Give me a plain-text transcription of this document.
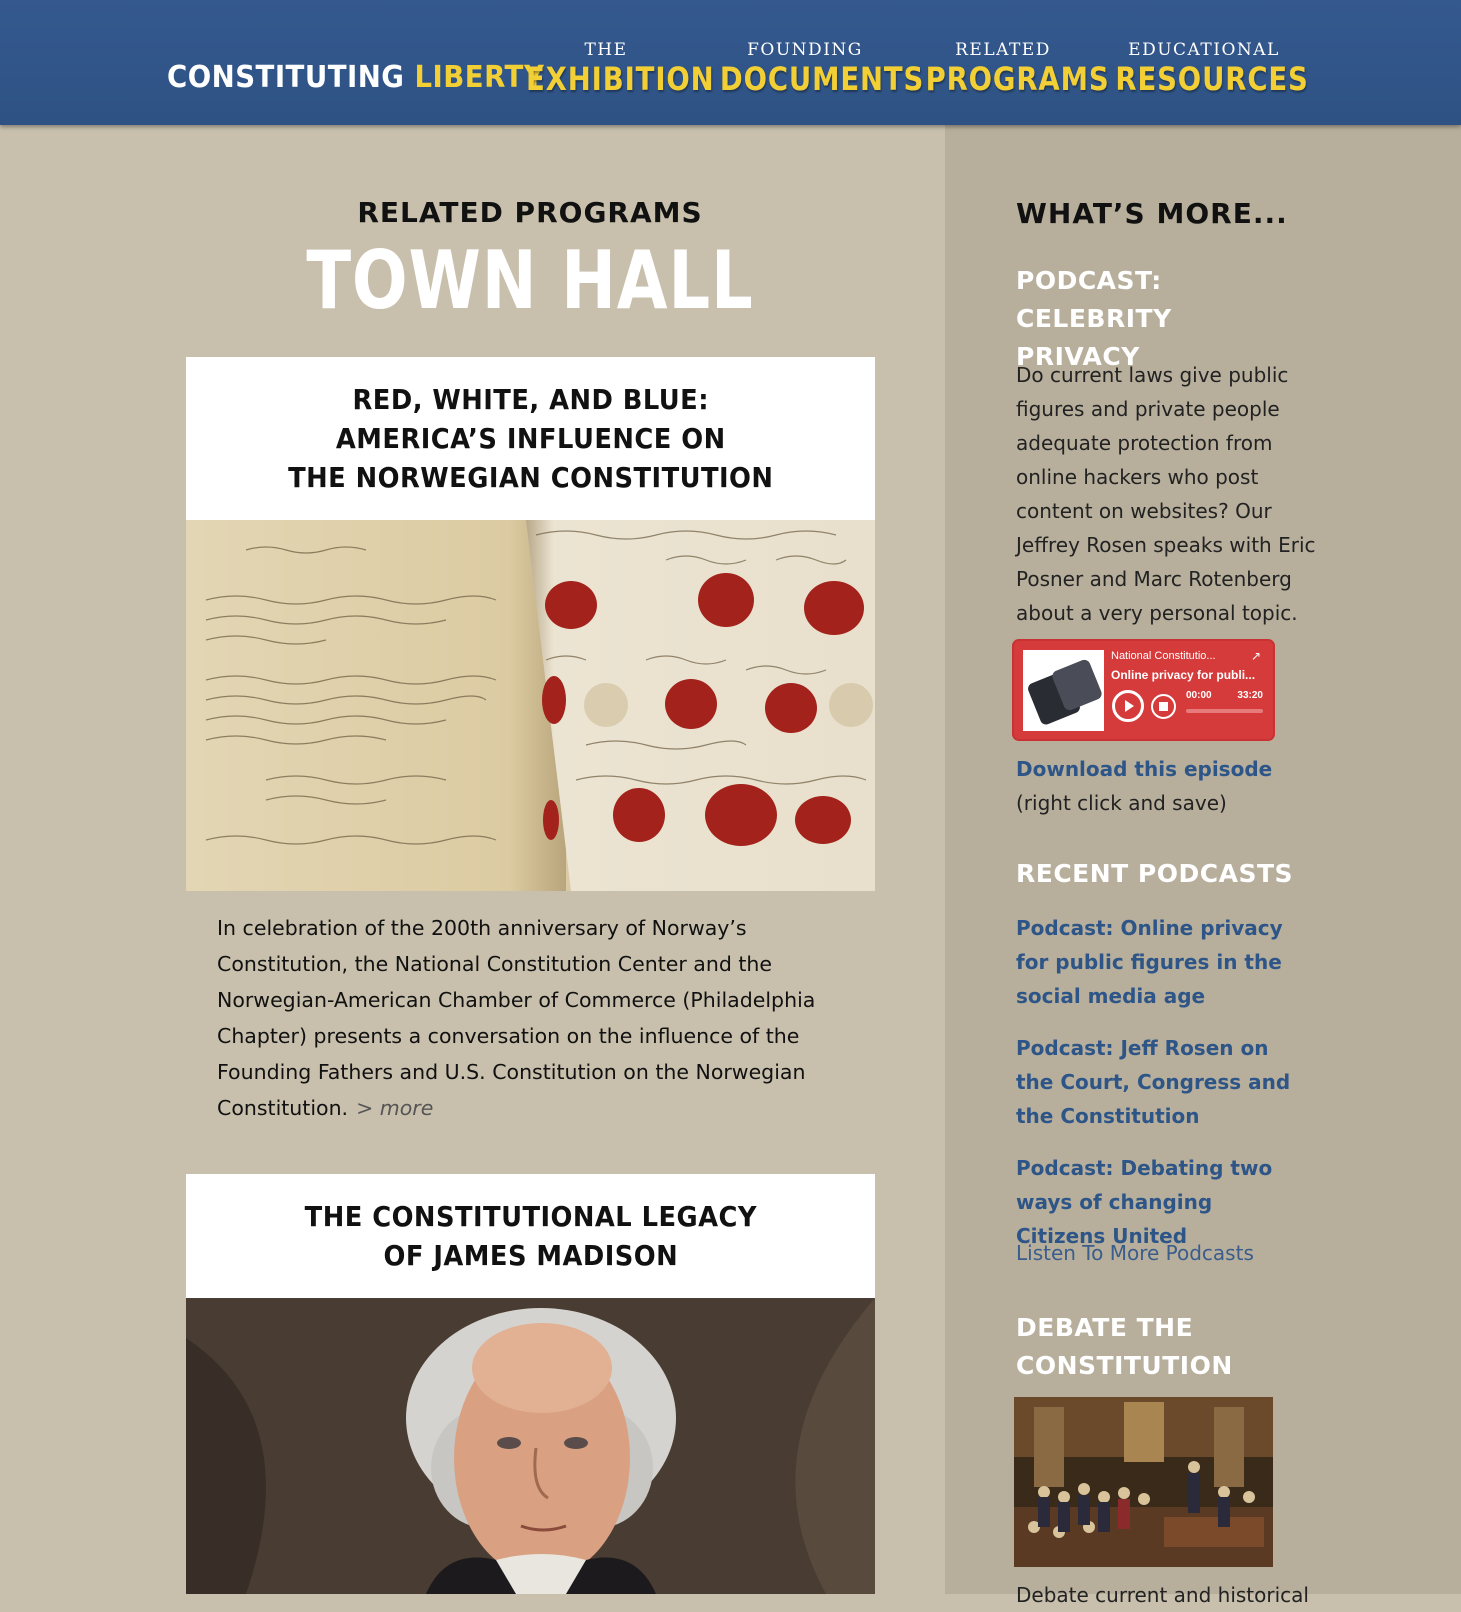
CONSTITUTING LIBERTY
THE
EXHIBITION
FOUNDING
DOCUMENTS
RELATED
PROGRAMS
EDUCATIONAL
RESOURCES
RELATED PROGRAMS
TOWN HALL
RED, WHITE, AND BLUE:
AMERICA’S INFLUENCE ON
THE NORWEGIAN CONSTITUTION
In celebration of the 200th anniversary of Norway’s Constitution, the National Constitution Center and the Norwegian-American Chamber of Commerce (Philadelphia Chapter) presents a conversation on the influence of the Founding Fathers and U.S. Constitution on the Norwegian Constitution. > more
THE CONSTITUTIONAL LEGACY
OF JAMES MADISON
WHAT’S MORE...
PODCAST: CELEBRITY
PRIVACY
Do current laws give public figures and private people adequate protection from online hackers who post content on websites? Our Jeffrey Rosen speaks with Eric Posner and Marc Rotenberg about a very personal topic.
National Constitutio...	↗
Online privacy for publi...
00:00	33:20
Download this episode (right click and save)
RECENT PODCASTS
Podcast: Online privacy for public figures in the social media age
Podcast: Jeff Rosen on the Court, Congress and the Constitution
Podcast: Debating two ways of changing Citizens United
Listen To More Podcasts
DEBATE THE
CONSTITUTION
Debate current and historical
